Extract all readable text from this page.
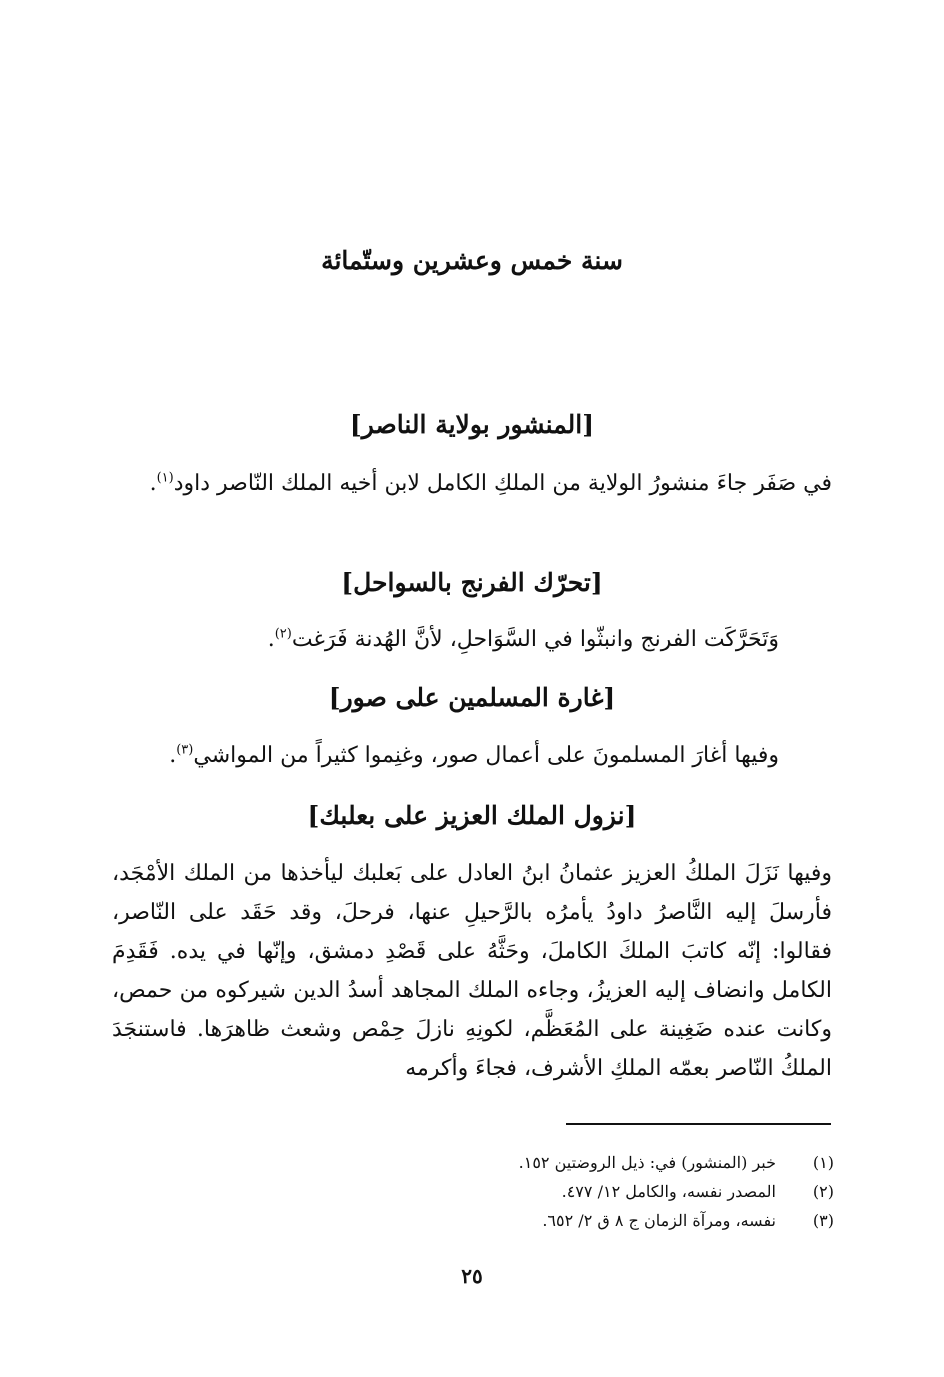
سنة خمس وعشرين وستّمائة
[المنشور بولاية الناصر]

في صَفَر جاءَ منشورُ الولاية من الملكِ الكامل لابن أخيه الملك النّاصر داود$^{(١)}$.

[تحرّك الفرنج بالسواحل]

وَتَحَرَّكَت الفرنج وانبثّوا في السَّوَاحلِ، لأنَّ الهُدنة فَرَغت$^{(٢)}$.

[غارة المسلمين على صور]

وفيها أغارَ المسلمونَ على أعمال صور، وغنِموا كثيراً من المواشي$^{(٣)}$.

[نزول الملك العزيز على بعلبك]

وفيها نَزَلَ الملكُ العزيز عثمانُ ابنُ العادل على بَعلبك ليأخذها من الملك الأمْجَد، فأرسلَ إليه النَّاصرُ داودُ يأمرُه بالرَّحيلِ عنها، فرحلَ، وقد حَقَد على النّاصر، فقالوا: إنّه كاتبَ الملكَ الكاملَ، وحَثَّهُ على قَصْدِ دمشق، وإنّها في يده. فَقَدِمَ الكامل وانضاف إليه العزيزُ، وجاءه الملك المجاهد أسدُ الدين شيركوه من حمص، وكانت عنده ضَغِينة على المُعَظَّم، لكونِهِ نازلَ حِمْص وشعث ظاهرَها. فاستنجَدَ الملكُ النّاصر بعمّه الملكِ الأشرف، فجاءَ وأكرمه

(١)خبر (المنشور) في: ذيل الروضتين ١٥٢.
(٢)المصدر نفسه، والكامل ١٢/ ٤٧٧.
(٣)نفسه، ومرآة الزمان ج ٨ ق ٢/ ٦٥٢.
٢٥
